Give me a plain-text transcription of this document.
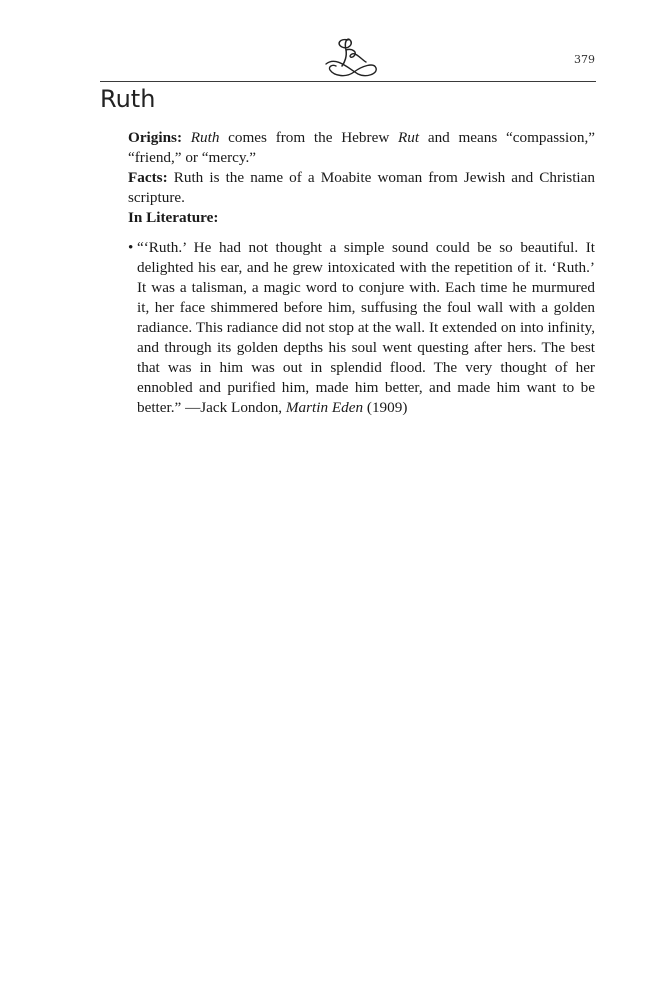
379
Ruth

Origins: Ruth comes from the Hebrew Rut and means “compassion,” “friend,” or “mercy.”

Facts: Ruth is the name of a Moabite woman from Jewish and Christian scripture.

In Literature:

• “‘Ruth.’ He had not thought a simple sound could be so beautiful. It delighted his ear, and he grew intoxicated with the repetition of it. ‘Ruth.’ It was a talisman, a magic word to conjure with. Each time he murmured it, her face shimmered before him, suffusing the foul wall with a golden radiance. This radiance did not stop at the wall. It extended on into infinity, and through its golden depths his soul went questing after hers. The best that was in him was out in splendid flood. The very thought of her ennobled and purified him, made him better, and made him want to be better.” —Jack London, Martin Eden (1909)
